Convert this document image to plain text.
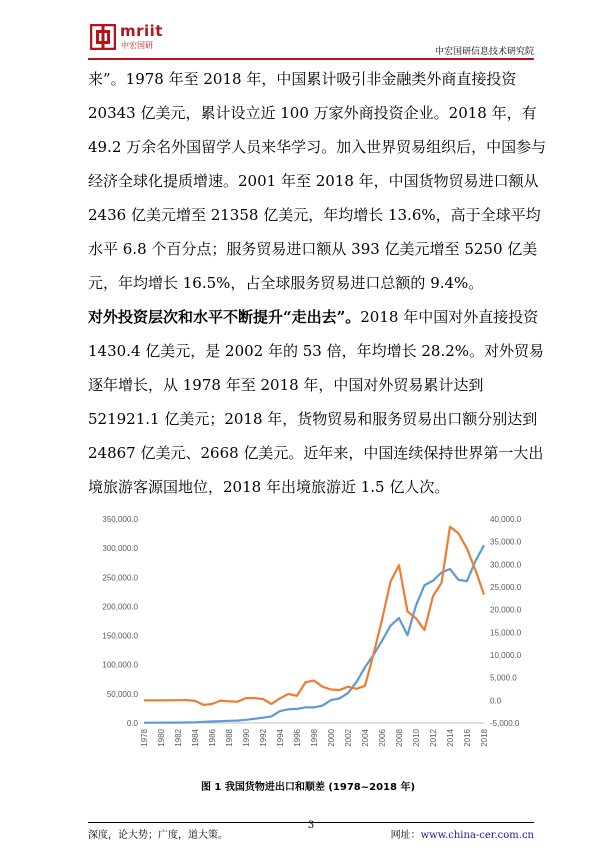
mriit
中宏国研
中宏国研信息技术研究院

来”。1978 年至 2018 年，中国累计吸引非金融类外商直接投资 20343 亿美元，累计设立近 100 万家外商投资企业。2018 年，有 49.2 万余名外国留学人员来华学习。加入世界贸易组织后，中国参与经济全球化提质增速。2001 年至 2018 年，中国货物贸易进口额从 2436 亿美元增至 21358 亿美元，年均增长 13.6%，高于全球平均水平 6.8 个百分点；服务贸易进口额从 393 亿美元增至 5250 亿美元，年均增长 16.5%，占全球服务贸易进口总额的 9.4%。

对外投资层次和水平不断提升“走出去”。2018 年中国对外直接投资 1430.4 亿美元，是 2002 年的 53 倍，年均增长 28.2%。对外贸易逐年增长，从 1978 年至 2018 年，中国对外贸易累计达到 521921.1 亿美元；2018 年，货物贸易和服务贸易出口额分别达到 24867 亿美元、2668 亿美元。近年来，中国连续保持世界第一大出境旅游客源国地位，2018 年出境旅游近 1.5 亿人次。

0.0
50,000.0
100,000.0
150,000.0
200,000.0
250,000.0
300,000.0
350,000.0
-5,000.0
0.0
5,000.0
10,000.0
15,000.0
20,000.0
25,000.0
30,000.0
35,000.0
40,000.0
1978 1980 1982 1984 1986 1988 1990 1992 1994 1996 1998 2000 2002 2004 2006 2008 2010 2012 2014 2016 2018
图 1 我国货物进出口和顺差 (1978~2018 年)
深度，论大势；广度，道大策。
3
网址：www.china-cer.com.cn
